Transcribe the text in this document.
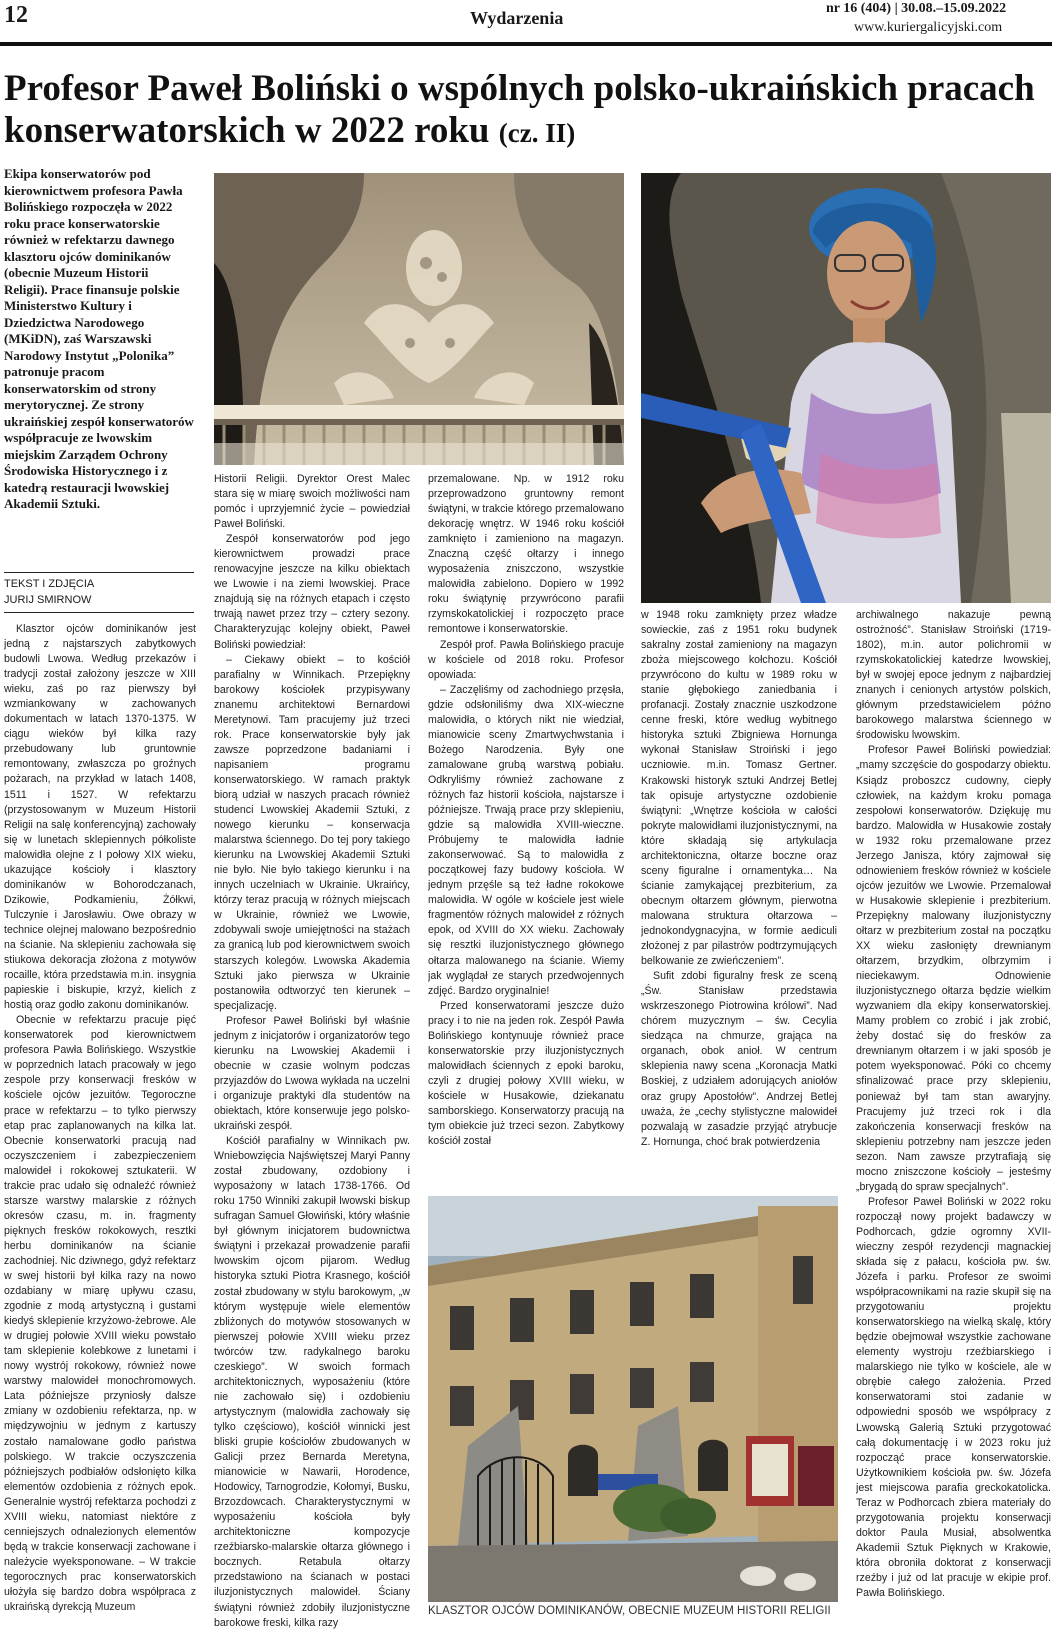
12	Wydarzenia	nr 16 (404) | 30.08.–15.09.2022
www.kuriergalicyjski.com
Profesor Paweł Boliński o wspólnych polsko-ukraińskich pracach konserwatorskich w 2022 roku (cz. II)
Ekipa konserwatorów pod kierownictwem profesora Pawła Bolińskiego rozpoczęła w 2022 roku prace konserwatorskie również w refektarzu dawnego klasztoru ojców dominikanów (obecnie Muzeum Historii Religii). Prace finansuje polskie Ministerstwo Kultury i Dziedzictwa Narodowego (MKiDN), zaś Warszawski Narodowy Instytut „Polonika” patronuje pracom konserwatorskim od strony merytorycznej. Ze strony ukraińskiej zespół konserwatorów współpracuje ze lwowskim miejskim Zarządem Ochrony Środowiska Historycznego i z katedrą restauracji lwowskiej Akademii Sztuki.
TEKST I ZDJĘCIA
JURIJ SMIRNOW

Klasztor ojców dominikanów jest jedną z najstarszych zabytkowych budowli Lwowa. Według przekazów i tradycji został założony jeszcze w XIII wieku, zaś po raz pierwszy był wzmiankowany w zachowanych dokumentach w latach 1370-1375. W ciągu wieków był kilka razy przebudowany lub gruntownie remontowany, zwłaszcza po groźnych pożarach, na przykład w latach 1408, 1511 i 1527. W refektarzu (przystosowanym w Muzeum Historii Religii na salę konferencyjną) zachowały się w lunetach sklepiennych półkoliste malowidła olejne z I połowy XIX wieku, ukazujące kościoły i klasztory dominikanów w Bohorodczanach, Dzikowie, Podkamieniu, Żółkwi, Tulczynie i Jarosławiu. Owe obrazy w technice olejnej malowano bezpośrednio na ścianie. Na sklepieniu zachowała się stiukowa dekoracja złożona z motywów rocaille, która przedstawia m.in. insygnia papieskie i biskupie, krzyż, kielich z hostią oraz godło zakonu dominikanów.

Obecnie w refektarzu pracuje pięć konserwatorek pod kierownictwem profesora Pawła Bolińskiego. Wszystkie w poprzednich latach pracowały w jego zespole przy konserwacji fresków w kościele ojców jezuitów. Tegoroczne prace w refektarzu – to tylko pierwszy etap prac zaplanowanych na kilka lat. Obecnie konserwatorki pracują nad oczyszczeniem i zabezpieczeniem malowideł i rokokowej sztukaterii. W trakcie prac udało się odnaleźć również starsze warstwy malarskie z różnych okresów czasu, m. in. fragmenty pięknych fresków rokokowych, resztki herbu dominikanów na ścianie zachodniej. Nic dziwnego, gdyż refektarz w swej historii był kilka razy na nowo ozdabiany w miarę upływu czasu, zgodnie z modą artystyczną i gustami kiedyś sklepienie krzyżowo-żebrowe. Ale w drugiej połowie XVIII wieku powstało tam sklepienie kolebkowe z lunetami i nowy wystrój rokokowy, również nowe warstwy malowideł monochromowych. Lata późniejsze przyniosły dalsze zmiany w ozdobieniu refektarza, np. w międzywojniu w jednym z kartuszy zostało namalowane godło państwa polskiego. W trakcie oczyszczenia późniejszych podbiałów odsłonięto kilka elementów ozdobienia z różnych epok. Generalnie wystrój refektarza pochodzi z XVIII wieku, natomiast niektóre z cenniejszych odnalezionych elementów będą w trakcie konserwacji zachowane i należycie wyeksponowane. – W trakcie tegorocznych prac konserwatorskich ułożyła się bardzo dobra współpraca z ukraińską dyrekcją Muzeum

Historii Religii. Dyrektor Orest Malec stara się w miarę swoich możliwości nam pomóc i uprzyjemnić życie – powiedział Paweł Boliński.

Zespół konserwatorów pod jego kierownictwem prowadzi prace renowacyjne jeszcze na kilku obiektach we Lwowie i na ziemi lwowskiej. Prace znajdują się na różnych etapach i często trwają nawet przez trzy – cztery sezony. Charakteryzując kolejny obiekt, Paweł Boliński powiedział:

– Ciekawy obiekt – to kościół parafialny w Winnikach. Przepiękny barokowy kościołek przypisywany znanemu architektowi Bernardowi Meretynowi. Tam pracujemy już trzeci rok. Prace konserwatorskie były jak zawsze poprzedzone badaniami i napisaniem programu konserwatorskiego. W ramach praktyk biorą udział w naszych pracach również studenci Lwowskiej Akademii Sztuki, z nowego kierunku – konserwacja malarstwa ściennego. Do tej pory takiego kierunku na Lwowskiej Akademii Sztuki nie było. Nie było takiego kierunku i na innych uczelniach w Ukrainie. Ukraińcy, którzy teraz pracują w różnych miejscach w Ukrainie, również we Lwowie, zdobywali swoje umiejętności na stażach za granicą lub pod kierownictwem swoich starszych kolegów. Lwowska Akademia Sztuki jako pierwsza w Ukrainie postanowiła odtworzyć ten kierunek – specjalizację.

Profesor Paweł Boliński był właśnie jednym z inicjatorów i organizatorów tego kierunku na Lwowskiej Akademii i obecnie w czasie wolnym podczas przyjazdów do Lwowa wykłada na uczelni i organizuje praktyki dla studentów na obiektach, które konserwuje jego polsko-ukraiński zespół.

Kościół parafialny w Winnikach pw. Wniebowzięcia Najświętszej Maryi Panny został zbudowany, ozdobiony i wyposażony w latach 1738-1766. Od roku 1750 Winniki zakupił lwowski biskup sufragan Samuel Głowiński, który właśnie był głównym inicjatorem budownictwa świątyni i przekazał prowadzenie parafii lwowskim ojcom pijarom. Według historyka sztuki Piotra Krasnego, kościół został zbudowany w stylu barokowym, „w którym występuje wiele elementów zbliżonych do motywów stosowanych w pierwszej połowie XVIII wieku przez twórców tzw. radykalnego baroku czeskiego”. W swoich formach architektonicznych, wyposażeniu (które nie zachowało się) i ozdobieniu artystycznym (malowidła zachowały się tylko częściowo), kościół winnicki jest bliski grupie kościołów zbudowanych w Galicji przez Bernarda Meretyna, mianowicie w Nawarii, Horodence, Hodowicy, Tarnogrodzie, Kołomyi, Busku, Brzozdowcach. Charakterystycznymi w wyposażeniu kościoła były architektoniczne kompozycje rzeźbiarsko-malarskie ołtarza głównego i bocznych. Retabula ołtarzy przedstawiono na ścianach w postaci iluzjonistycznych malowideł. Ściany świątyni również zdobiły iluzjonistyczne barokowe freski, kilka razy

przemalowane. Np. w 1912 roku przeprowadzono gruntowny remont świątyni, w trakcie którego przemalowano dekorację wnętrz. W 1946 roku kościół zamknięto i zamieniono na magazyn. Znaczną część ołtarzy i innego wyposażenia zniszczono, wszystkie malowidła zabielono. Dopiero w 1992 roku świątynię przywrócono parafii rzymskokatolickiej i rozpoczęto prace remontowe i konserwatorskie.

Zespół prof. Pawła Bolińskiego pracuje w kościele od 2018 roku. Profesor opowiada:

– Zaczęliśmy od zachodniego przęsła, gdzie odsłoniliśmy dwa XIX-wieczne malowidła, o których nikt nie wiedział, mianowicie sceny Zmartwychwstania i Bożego Narodzenia. Były one zamalowane grubą warstwą pobiału. Odkryliśmy również zachowane z różnych faz historii kościoła, najstarsze i późniejsze. Trwają prace przy sklepieniu, gdzie są malowidła XVIII-wieczne. Próbujemy te malowidła ładnie zakonserwować. Są to malowidła z początkowej fazy budowy kościoła. W jednym przęśle są też ładne rokokowe malowidła. W ogóle w kościele jest wiele fragmentów różnych malowideł z różnych epok, od XVIII do XX wieku. Zachowały się resztki iluzjonistycznego głównego ołtarza malowanego na ścianie. Wiemy jak wyglądał ze starych przedwojennych zdjęć. Bardzo oryginalnie!

Przed konserwatorami jeszcze dużo pracy i to nie na jeden rok. Zespół Pawła Bolińskiego kontynuuje również prace konserwatorskie przy iluzjonistycznych malowidłach ściennych z epoki baroku, czyli z drugiej połowy XVIII wieku, w kościele w Husakowie, dziekanatu samborskiego. Konserwatorzy pracują na tym obiekcie już trzeci sezon. Zabytkowy kościół został

w 1948 roku zamknięty przez władze sowieckie, zaś z 1951 roku budynek sakralny został zamieniony na magazyn zboża miejscowego kołchozu. Kościół przywrócono do kultu w 1989 roku w stanie głębokiego zaniedbania i profanacji. Zostały znacznie uszkodzone cenne freski, które według wybitnego historyka sztuki Zbigniewa Hornunga wykonał Stanisław Stroiński i jego uczniowie. m.in. Tomasz Gertner. Krakowski historyk sztuki Andrzej Betlej tak opisuje artystyczne ozdobienie świątyni: „Wnętrze kościoła w całości pokryte malowidłami iluzjonistycznymi, na które składają się artykulacja architektoniczna, ołtarze boczne oraz sceny figuralne i ornamentyka… Na ścianie zamykającej prezbiterium, za obecnym ołtarzem głównym, pierwotna malowana struktura ołtarzowa – jednokondygnacyjna, w formie aediculi złożonej z par pilastrów podtrzymujących belkowanie ze zwieńczeniem”.

Sufit zdobi figuralny fresk ze sceną „Św. Stanisław przedstawia wskrzeszonego Piotrowina królowi”. Nad chórem muzycznym – św. Cecylia siedząca na chmurze, grająca na organach, obok anioł. W centrum sklepienia nawy scena „Koronacja Matki Boskiej, z udziałem adorujących aniołów oraz grupy Apostołów”. Andrzej Betlej uważa, że „cechy stylistyczne malowideł pozwalają w zasadzie przyjąć atrybucje Z. Hornunga, choć brak potwierdzenia

archiwalnego nakazuje pewną ostrożność”. Stanisław Stroiński (1719-1802), m.in. autor polichromii w rzymskokatolickiej katedrze lwowskiej, był w swojej epoce jednym z najbardziej znanych i cenionych artystów polskich, głównym przedstawicielem późno barokowego malarstwa ściennego w środowisku lwowskim.

Profesor Paweł Boliński powiedział: „mamy szczęście do gospodarzy obiektu. Ksiądz proboszcz cudowny, ciepły człowiek, na każdym kroku pomaga zespołowi konserwatorów. Dziękuję mu bardzo. Malowidła w Husakowie zostały w 1932 roku przemalowane przez Jerzego Janisza, który zajmował się odnowieniem fresków również w kościele ojców jezuitów we Lwowie. Przemalował w Husakowie sklepienie i prezbiterium. Przepiękny malowany iluzjonistyczny ołtarz w prezbiterium został na początku XX wieku zasłonięty drewnianym ołtarzem, brzydkim, olbrzymim i nieciekawym. Odnowienie iluzjonistycznego ołtarza będzie wielkim wyzwaniem dla ekipy konserwatorskiej. Mamy problem co zrobić i jak zrobić, żeby dostać się do fresków za drewnianym ołtarzem i w jaki sposób je potem wyeksponować. Póki co chcemy sfinalizować prace przy sklepieniu, ponieważ był tam stan awaryjny. Pracujemy już trzeci rok i dla zakończenia konserwacji fresków na sklepieniu potrzebny nam jeszcze jeden sezon. Nam zawsze przytrafiają się mocno zniszczone kościoły – jesteśmy „brygadą do spraw specjalnych”.

Profesor Paweł Boliński w 2022 roku rozpoczął nowy projekt badawczy w Podhorcach, gdzie ogromny XVII-wieczny zespół rezydencji magnackiej składa się z pałacu, kościoła pw. św. Józefa i parku. Profesor ze swoimi współpracownikami na razie skupił się na przygotowaniu projektu konserwatorskiego na wielką skalę, który będzie obejmował wszystkie zachowane elementy wystroju rzeźbiarskiego i malarskiego nie tylko w kościele, ale w obrębie całego założenia. Przed konserwatorami stoi zadanie w odpowiedni sposób we współpracy z Lwowską Galerią Sztuki przygotować całą dokumentację i w 2023 roku już rozpocząć prace konserwatorskie. Użytkownikiem kościoła pw. św. Józefa jest miejscowa parafia greckokatolicka. Teraz w Podhorcach zbiera materiały do przygotowania projektu konserwacji doktor Paula Musiał, absolwentka Akademii Sztuk Pięknych w Krakowie, która obroniła doktorat z konserwacji rzeźby i już od lat pracuje w ekipie prof. Pawła Bolińskiego.

KLASZTOR OJCÓW DOMINIKANÓW, OBECNIE MUZEUM HISTORII RELIGII
